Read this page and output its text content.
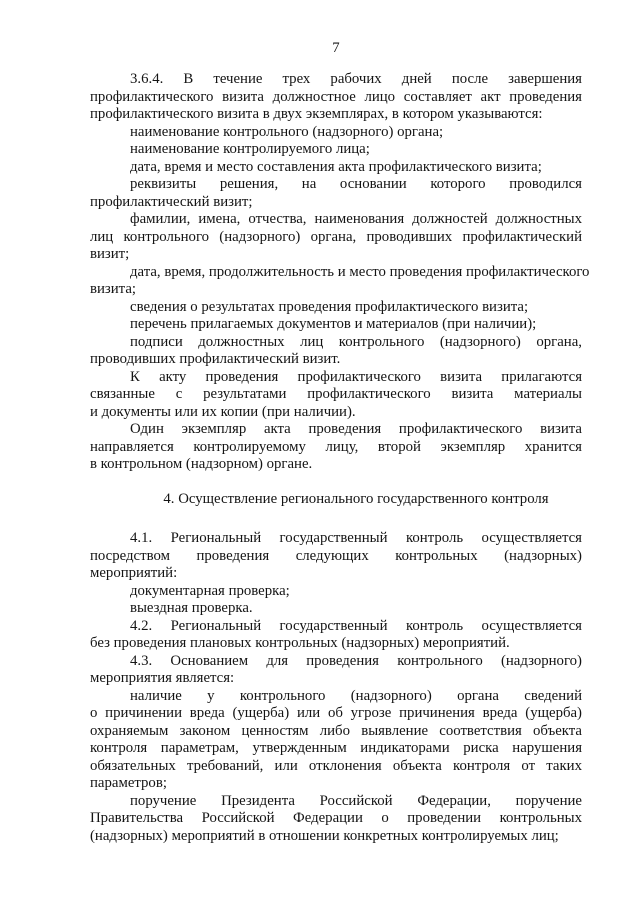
7
3.6.4. В течение трех рабочих дней после завершения
профилактического визита должностное лицо составляет акт проведения
профилактического визита в двух экземплярах, в котором указываются:
наименование контрольного (надзорного) органа;
наименование контролируемого лица;
дата, время и место составления акта профилактического визита;
реквизиты решения, на основании которого проводился
профилактический визит;
фамилии, имена, отчества, наименования должностей должностных
лиц контрольного (надзорного) органа, проводивших профилактический
визит;
дата, время, продолжительность и место проведения профилактического
визита;
сведения о результатах проведения профилактического визита;
перечень прилагаемых документов и материалов (при наличии);
подписи должностных лиц контрольного (надзорного) органа,
проводивших профилактический визит.
К акту проведения профилактического визита прилагаются
связанные с результатами профилактического визита материалы
и документы или их копии (при наличии).
Один экземпляр акта проведения профилактического визита
направляется контролируемому лицу, второй экземпляр хранится
в контрольном (надзорном) органе.
4. Осуществление регионального государственного контроля
4.1. Региональный государственный контроль осуществляется
посредством проведения следующих контрольных (надзорных)
мероприятий:
документарная проверка;
выездная проверка.
4.2. Региональный государственный контроль осуществляется
без проведения плановых контрольных (надзорных) мероприятий.
4.3. Основанием для проведения контрольного (надзорного)
мероприятия является:
наличие у контрольного (надзорного) органа сведений
о причинении вреда (ущерба) или об угрозе причинения вреда (ущерба)
охраняемым законом ценностям либо выявление соответствия объекта
контроля параметрам, утвержденным индикаторами риска нарушения
обязательных требований, или отклонения объекта контроля от таких
параметров;
поручение Президента Российской Федерации, поручение
Правительства Российской Федерации о проведении контрольных
(надзорных) мероприятий в отношении конкретных контролируемых лиц;
